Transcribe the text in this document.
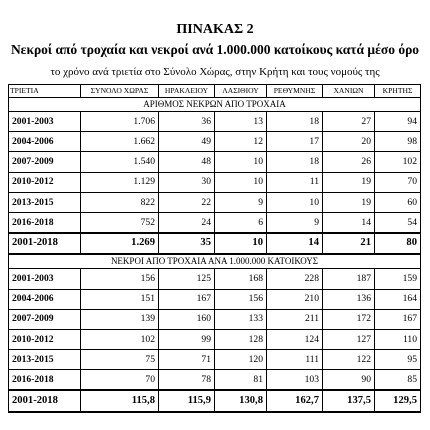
ΠΙΝΑΚΑΣ 2
Νεκροί από τροχαία και νεκροί ανά 1.000.000 κατοίκους κατά μέσο όρο
το χρόνο ανά τριετία στο Σύνολο Χώρας, στην Κρήτη και τους νομούς της
ΤΡΙΕΤΙΑ	ΣΥΝΟΛΟ ΧΩΡΑΣ	ΗΡΑΚΛΕΙΟΥ	ΛΑΣΙΘΙΟΥ	ΡΕΘΥΜΝΗΣ	ΧΑΝΙΩΝ	ΚΡΗΤΗΣ
ΑΡΙΘΜΟΣ ΝΕΚΡΩΝ ΑΠΟ ΤΡΟΧΑΙΑ						
2001-2003	1.706	36	13	18	27	94
2004-2006	1.662	49	12	17	20	98
2007-2009	1.540	48	10	18	26	102
2010-2012	1.129	30	10	11	19	70
2013-2015	822	22	9	10	19	60
2016-2018	752	24	6	9	14	54
2001-2018	1.269	35	10	14	21	80
ΝΕΚΡΟΙ ΑΠΟ ΤΡΟΧΑΙΑ ΑΝΑ 1.000.000 ΚΑΤΟΙΚΟΥΣ						
2001-2003	156	125	168	228	187	159
2004-2006	151	167	156	210	136	164
2007-2009	139	160	133	211	172	167
2010-2012	102	99	128	124	127	110
2013-2015	75	71	120	111	122	95
2016-2018	70	78	81	103	90	85
2001-2018	115,8	115,9	130,8	162,7	137,5	129,5
